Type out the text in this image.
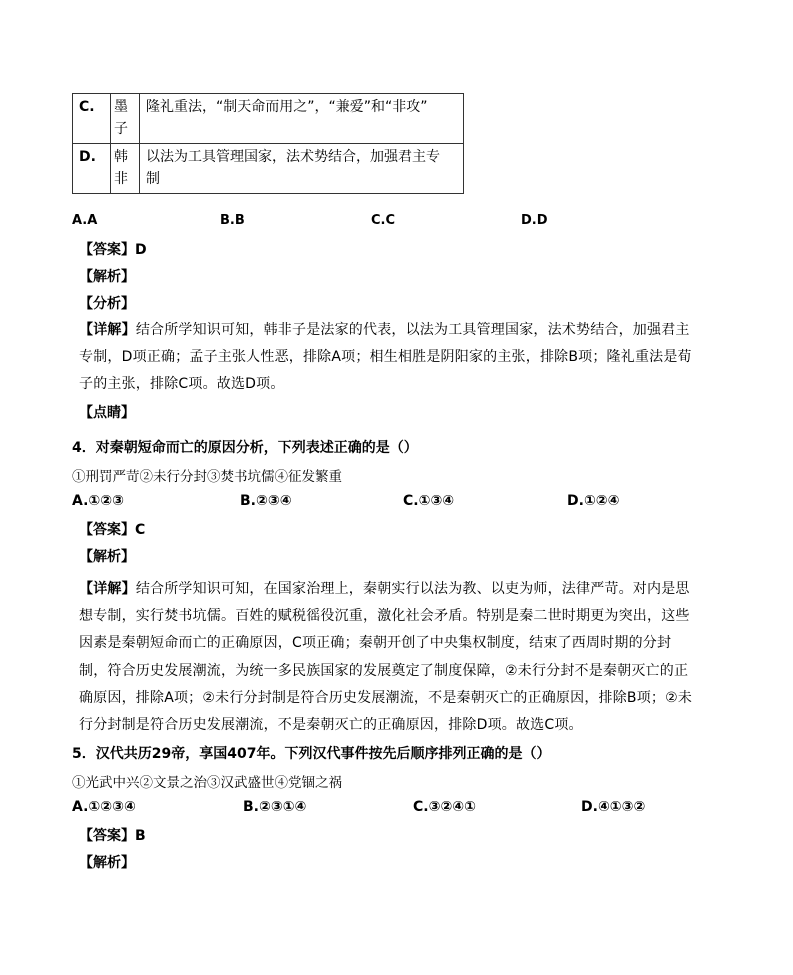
C.	墨子	隆礼重法，“制天命而用之”，“兼爱”和“非攻”

D.	韩非	以法为工具管理国家，法术势结合，加强君主专制
A.A	B.B	C.C	D.D
【答案】D
【解析】
【分析】
【详解】结合所学知识可知，韩非子是法家的代表，以法为工具管理国家，法术势结合，加强君主专制，D项正确；孟子主张人性恶，排除A项；相生相胜是阴阳家的主张，排除B项；隆礼重法是荀子的主张，排除C项。故选D项。
【点睛】
4．对秦朝短命而亡的原因分析，下列表述正确的是（）
①刑罚严苛②未行分封③焚书坑儒④征发繁重
A.①②③	B.②③④	C.①③④	D.①②④
【答案】C
【解析】
【详解】结合所学知识可知，在国家治理上，秦朝实行以法为教、以吏为师，法律严苛。对内是思想专制，实行焚书坑儒。百姓的赋税徭役沉重，激化社会矛盾。特别是秦二世时期更为突出，这些因素是秦朝短命而亡的正确原因，C项正确；秦朝开创了中央集权制度，结束了西周时期的分封制，符合历史发展潮流，为统一多民族国家的发展奠定了制度保障，②未行分封不是秦朝灭亡的正确原因，排除A项；②未行分封制是符合历史发展潮流，不是秦朝灭亡的正确原因，排除B项；②未行分封制是符合历史发展潮流，不是秦朝灭亡的正确原因，排除D项。故选C项。
5．汉代共历29帝，享国407年。下列汉代事件按先后顺序排列正确的是（）
①光武中兴②文景之治③汉武盛世④党锢之祸
A.①②③④	B.②③①④	C.③②④①	D.④①③②
【答案】B
【解析】
